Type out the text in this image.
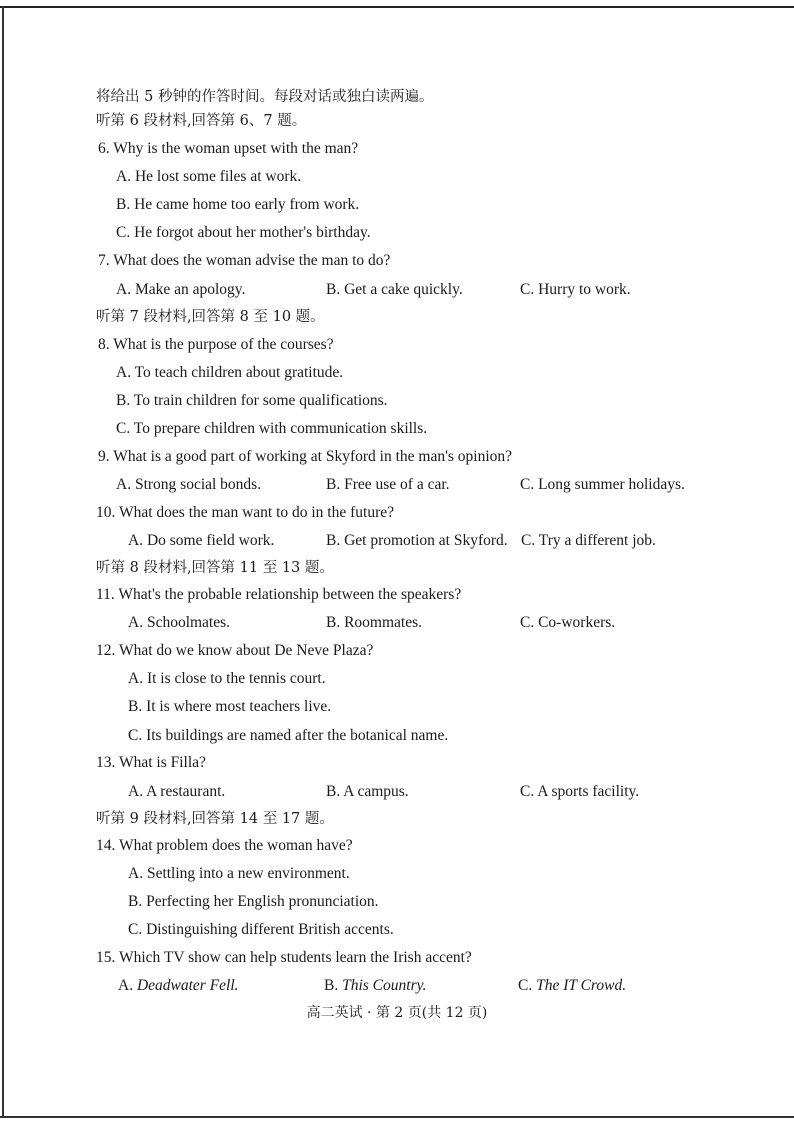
将给出 5 秒钟的作答时间。每段对话或独白读两遍。
听第 6 段材料,回答第 6、7 题。
6. Why is the woman upset with the man?
A. He lost some files at work.
B. He came home too early from work.
C. He forgot about her mother's birthday.
7. What does the woman advise the man to do?
A. Make an apology.	B. Get a cake quickly.	C. Hurry to work.
听第 7 段材料,回答第 8 至 10 题。
8. What is the purpose of the courses?
A. To teach children about gratitude.
B. To train children for some qualifications.
C. To prepare children with communication skills.
9. What is a good part of working at Skyford in the man's opinion?
A. Strong social bonds.	B. Free use of a car.	C. Long summer holidays.
10. What does the man want to do in the future?
A. Do some field work.	B. Get promotion at Skyford. C. Try a different job.
听第 8 段材料,回答第 11 至 13 题。
11. What's the probable relationship between the speakers?
A. Schoolmates.	B. Roommates.	C. Co-workers.
12. What do we know about De Neve Plaza?
A. It is close to the tennis court.
B. It is where most teachers live.
C. Its buildings are named after the botanical name.
13. What is Filla?
A. A restaurant.	B. A campus.	C. A sports facility.
听第 9 段材料,回答第 14 至 17 题。
14. What problem does the woman have?
A. Settling into a new environment.
B. Perfecting her English pronunciation.
C. Distinguishing different British accents.
15. Which TV show can help students learn the Irish accent?
A. Deadwater Fell.	B. This Country.	C. The IT Crowd.
高二英试 · 第 2 页(共 12 页)
